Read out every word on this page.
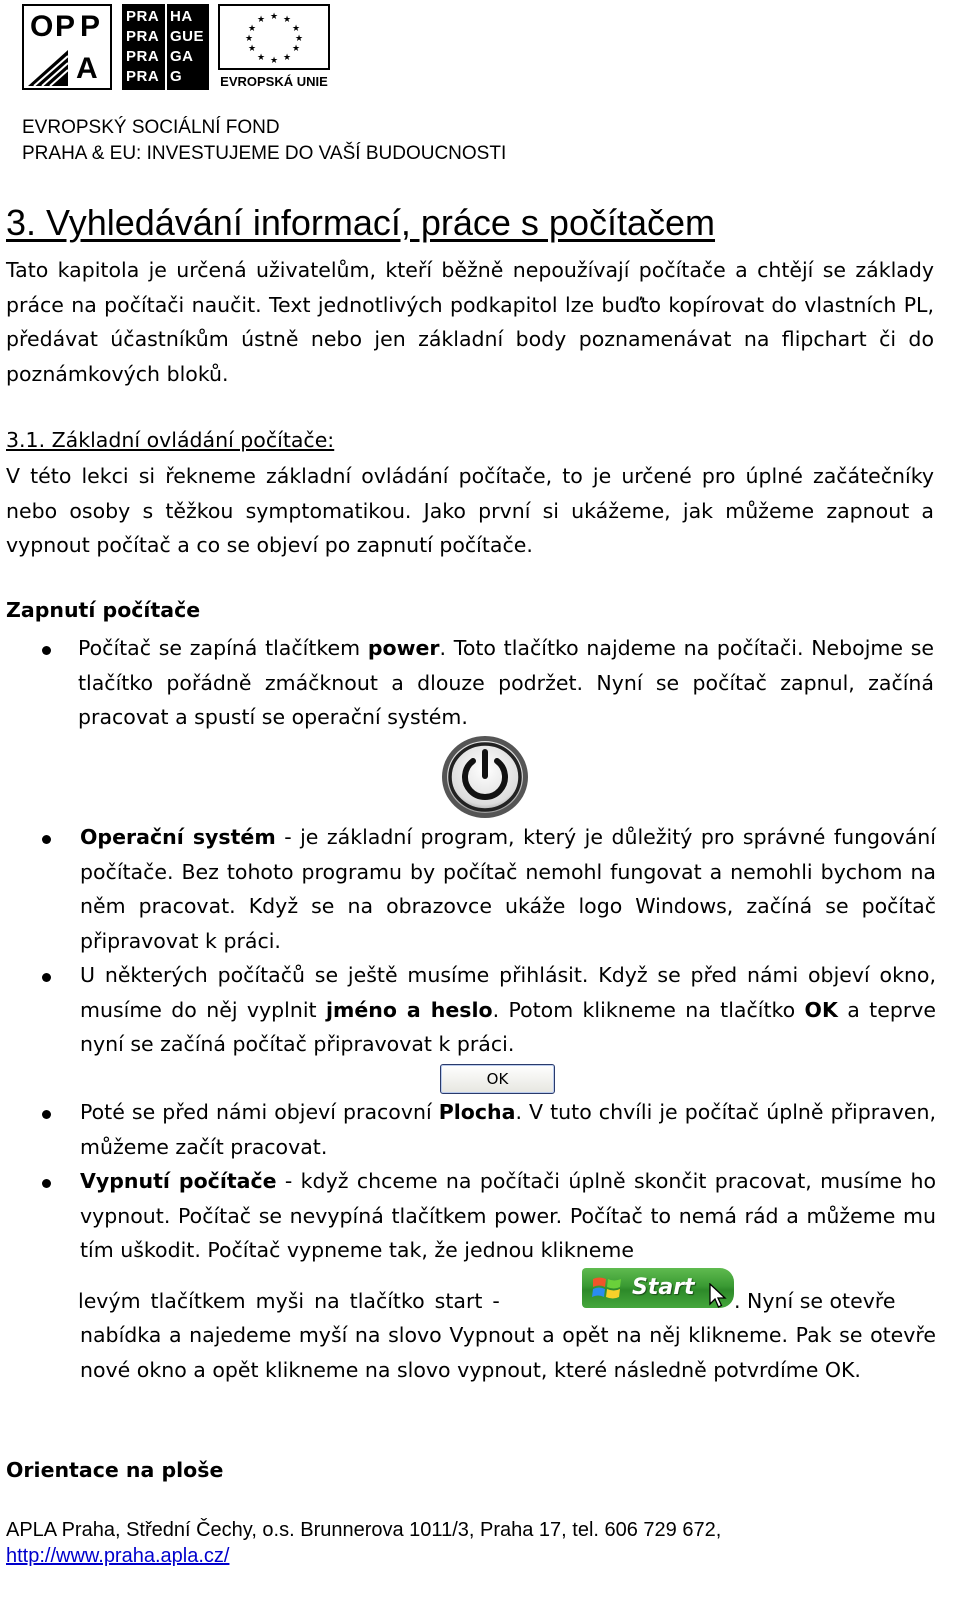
O P P
A
PRA HA
PRA GUE
PRA GA
PRA G
★ ★
★
★
★
★
★
★
★
★
★
★
EVROPSKÁ UNIE
EVROPSKÝ SOCIÁLNÍ FOND
PRAHA & EU: INVESTUJEME DO VAŠÍ BUDOUCNOSTI
3. Vyhledávání informací, práce s počítačem
Tato kapitola je určená uživatelům, kteří běžně nepoužívají počítače a chtějí se základy práce na počítači naučit. Text jednotlivých podkapitol lze buďto kopírovat do vlastních PL, předávat účastníkům ústně nebo jen základní body poznamenávat na flipchart či do poznámkových bloků.
3.1. Základní ovládání počítače:
V této lekci si řekneme základní ovládání počítače, to je určené pro úplné začátečníky nebo osoby s těžkou symptomatikou. Jako první si ukážeme, jak můžeme zapnout a vypnout počítač a co se objeví po zapnutí počítače.
Zapnutí počítače
Počítač se zapíná tlačítkem power. Toto tlačítko najdeme na počítači. Nebojme se tlačítko pořádně zmáčknout a dlouze podržet. Nyní se počítač zapnul, začíná pracovat a spustí se operační systém.
Operační systém - je základní program, který je důležitý pro správné fungování počítače. Bez tohoto programu by počítač nemohl fungovat a nemohli bychom na něm pracovat. Když se na obrazovce ukáže logo Windows, začíná se počítač připravovat k práci.
U některých počítačů se ještě musíme přihlásit. Když se před námi objeví okno, musíme do něj vyplnit jméno a heslo. Potom klikneme na tlačítko OK a teprve nyní se začíná počítač připravovat k práci.
OK
Poté se před námi objeví pracovní Plocha. V tuto chvíli je počítač úplně připraven, můžeme začít pracovat.
Vypnutí počítače - když chceme na počítači úplně skončit pracovat, musíme ho vypnout. Počítač se nevypíná tlačítkem power. Počítač to nemá rád a můžeme mu tím uškodit. Počítač vypneme tak, že jednou klikneme
levým tlačítkem myši na tlačítko start -	. Nyní se otevře
Start
nabídka a najedeme myší na slovo Vypnout a opět na něj klikneme. Pak se otevře nové okno a opět klikneme na slovo vypnout, které následně potvrdíme OK.
Orientace na ploše
APLA Praha, Střední Čechy, o.s. Brunnerova 1011/3, Praha 17, tel. 606 729 672,
http://www.praha.apla.cz/
